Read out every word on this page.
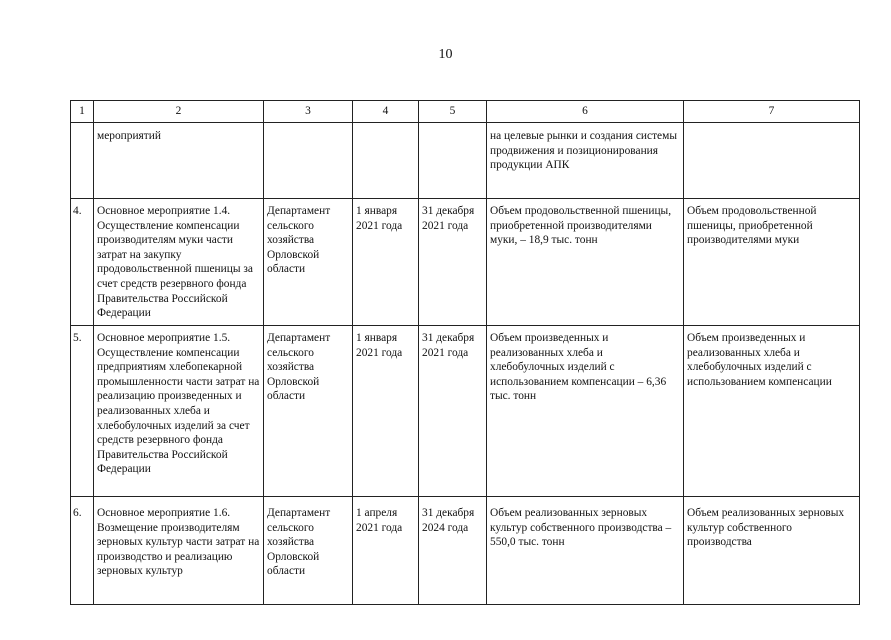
10
1	2	3	4	5	6	7
	мероприятий				на целевые рынки и создания системы продвижения и позиционирования продукции АПК	
4.	Основное мероприятие 1.4. Осуществление компенсации производителям муки части затрат на закупку продовольственной пшеницы за счет средств резервного фонда Правительства Российской Федерации	Департамент сельского хозяйства Орловской области	1 января 2021 года	31 декабря 2021 года	Объем продовольственной пшеницы, приобретенной производителями муки, – 18,9 тыс. тонн	Объем продовольственной пшеницы, приобретенной производителями муки
5.	Основное мероприятие 1.5. Осуществление компенсации предприятиям хлебопекарной промышленности части затрат на реализацию произведенных и реализованных хлеба и хлебобулочных изделий за счет средств резервного фонда Правительства Российской Федерации	Департамент сельского хозяйства Орловской области	1 января 2021 года	31 декабря 2021 года	Объем произведенных и реализованных хлеба и хлебобулочных изделий с использованием компенсации – 6,36 тыс. тонн	Объем произведенных и реализованных хлеба и хлебобулочных изделий с использованием компенсации
6.	Основное мероприятие 1.6. Возмещение производителям зерновых культур части затрат на производство и реализацию зерновых культур	Департамент сельского хозяйства Орловской области	1 апреля 2021 года	31 декабря 2024 года	Объем реализованных зерновых культур собственного производства – 550,0 тыс. тонн	Объем реализованных зерновых культур собственного производства
